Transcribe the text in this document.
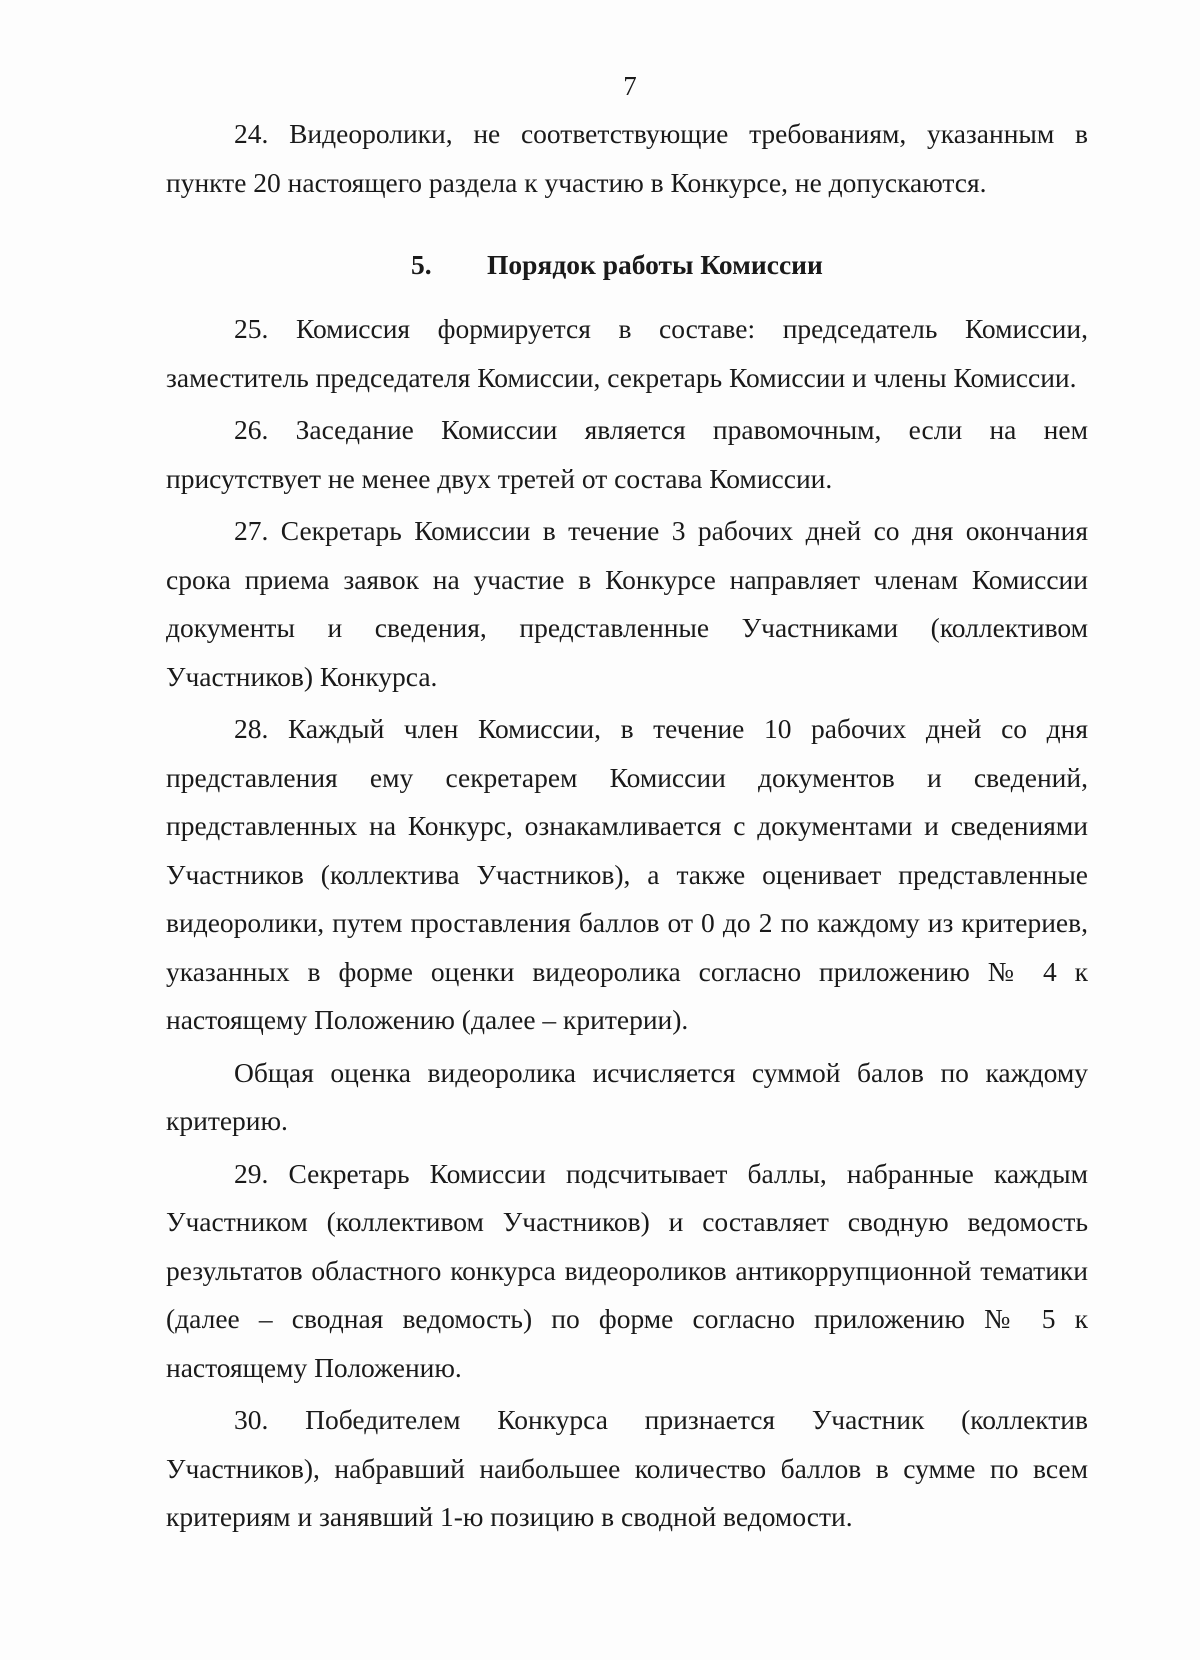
7

24. Видеоролики, не соответствующие требованиям, указанным в пункте 20 настоящего раздела к участию в Конкурсе, не допускаются.

5. Порядок работы Комиссии

25. Комиссия формируется в составе: председатель Комиссии, заместитель председателя Комиссии, секретарь Комиссии и члены Комиссии.

26. Заседание Комиссии является правомочным, если на нем присутствует не менее двух третей от состава Комиссии.

27. Секретарь Комиссии в течение 3 рабочих дней со дня окончания срока приема заявок на участие в Конкурсе направляет членам Комиссии документы и сведения, представленные Участниками (коллективом Участников) Конкурса.

28. Каждый член Комиссии, в течение 10 рабочих дней со дня представления ему секретарем Комиссии документов и сведений, представленных на Конкурс, ознакамливается с документами и сведениями Участников (коллектива Участников), а также оценивает представленные видеоролики, путем проставления баллов от 0 до 2 по каждому из критериев, указанных в форме оценки видеоролика согласно приложению № 4 к настоящему Положению (далее – критерии).

Общая оценка видеоролика исчисляется суммой балов по каждому критерию.

29. Секретарь Комиссии подсчитывает баллы, набранные каждым Участником (коллективом Участников) и составляет сводную ведомость результатов областного конкурса видеороликов антикоррупционной тематики (далее – сводная ведомость) по форме согласно приложению № 5 к настоящему Положению.

30. Победителем Конкурса признается Участник (коллектив Участников), набравший наибольшее количество баллов в сумме по всем критериям и занявший 1-ю позицию в сводной ведомости.
